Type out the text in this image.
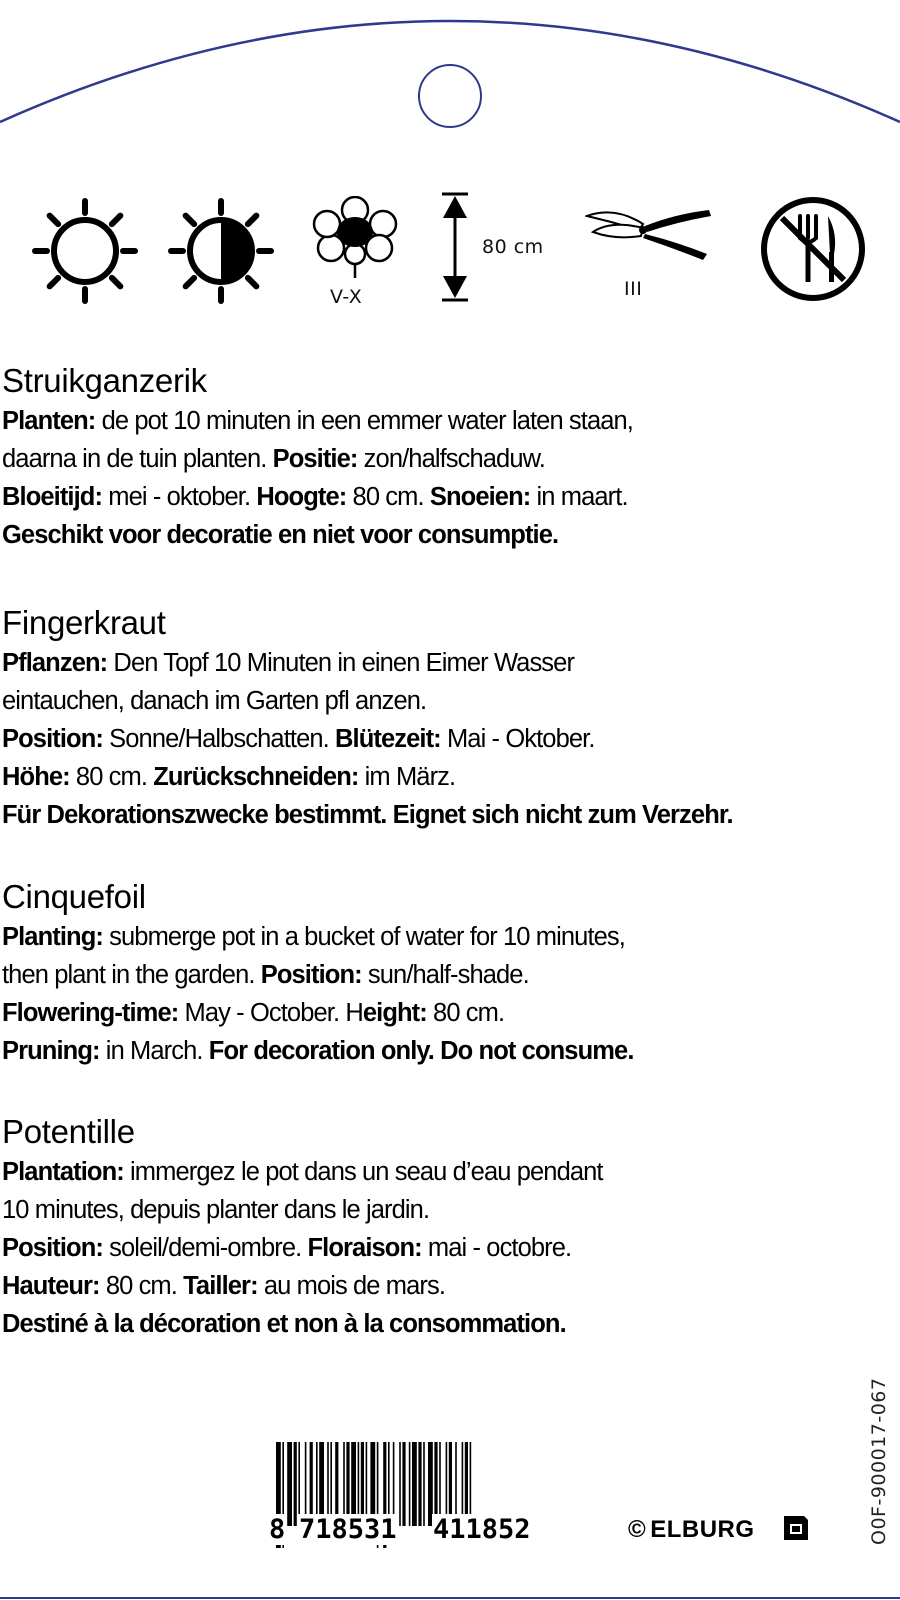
V-X
80 cm
III
Struikganzerik
Planten: de pot 10 minuten in een emmer water laten staan,
daarna in de tuin planten. Positie: zon/halfschaduw.
Bloeitijd: mei - oktober. Hoogte: 80 cm. Snoeien: in maart.
Geschikt voor decoratie en niet voor consumptie.
Fingerkraut
Pflanzen: Den Topf 10 Minuten in einen Eimer Wasser
eintauchen, danach im Garten pfl anzen.
Position: Sonne/Halbschatten. Blütezeit: Mai - Oktober.
Höhe: 80 cm. Zurückschneiden: im März.
Für Dekorationszwecke bestimmt. Eignet sich nicht zum Verzehr.
Cinquefoil
Planting: submerge pot in a bucket of water for 10 minutes,
then plant in the garden. Position: sun/half-shade.
Flowering-time: May - October. Height: 80 cm.
Pruning: in March. For decoration only. Do not consume.
Potentille
Plantation: immergez le pot dans un seau d’eau pendant
10 minutes, depuis planter dans le jardin.
Position: soleil/demi-ombre. Floraison: mai - octobre.
Hauteur: 80 cm. Tailler: au mois de mars.
Destiné à la décoration et non à la consommation.
8 718531 411852	© ELBURG	O0F-900017-067
